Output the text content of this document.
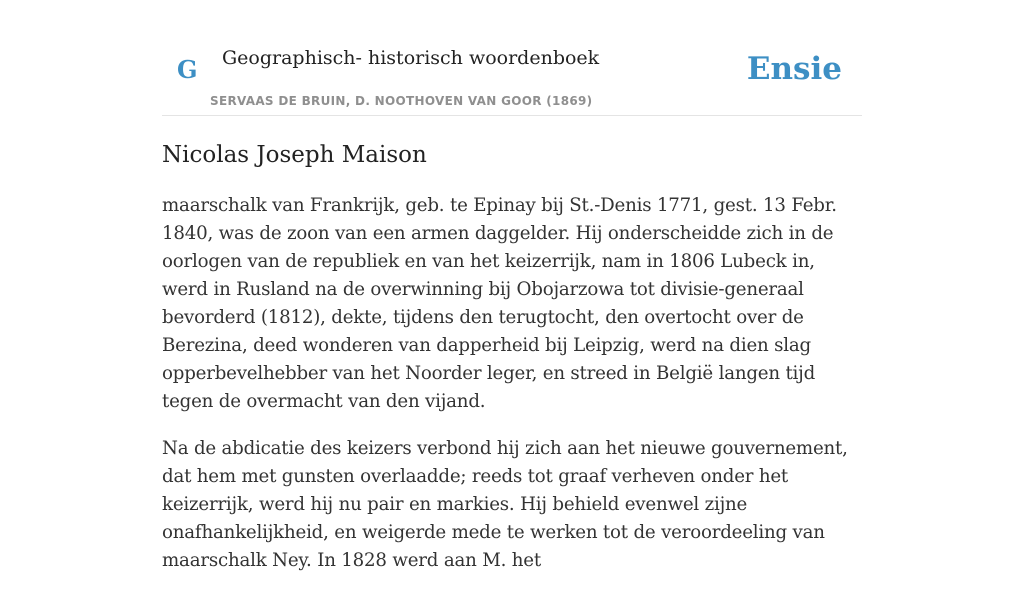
G Geographisch- historisch woordenboek
SERVAAS DE BRUIN, D. NOOTHOVEN VAN GOOR (1869)
Ensie
Nicolas Joseph Maison

maarschalk van Frankrijk, geb. te Epinay bij St.-Denis 1771, gest. 13 Febr. 1840, was de zoon van een armen daggelder. Hij onderscheidde zich in de oorlogen van de republiek en van het keizerrijk, nam in 1806 Lubeck in, werd in Rusland na de overwinning bij Obojarzowa tot divisie-generaal bevorderd (1812), dekte, tijdens den terugtocht, den overtocht over de Berezina, deed wonderen van dapperheid bij Leipzig, werd na dien slag opperbevelhebber van het Noorder leger, en streed in België langen tijd tegen de overmacht van den vijand.

Na de abdicatie des keizers verbond hij zich aan het nieuwe gouvernement, dat hem met gunsten overlaadde; reeds tot graaf verheven onder het keizerrijk, werd hij nu pair en markies. Hij behield evenwel zijne onafhankelijkheid, en weigerde mede te werken tot de veroordeeling van maarschalk Ney. In 1828 werd aan M. het
